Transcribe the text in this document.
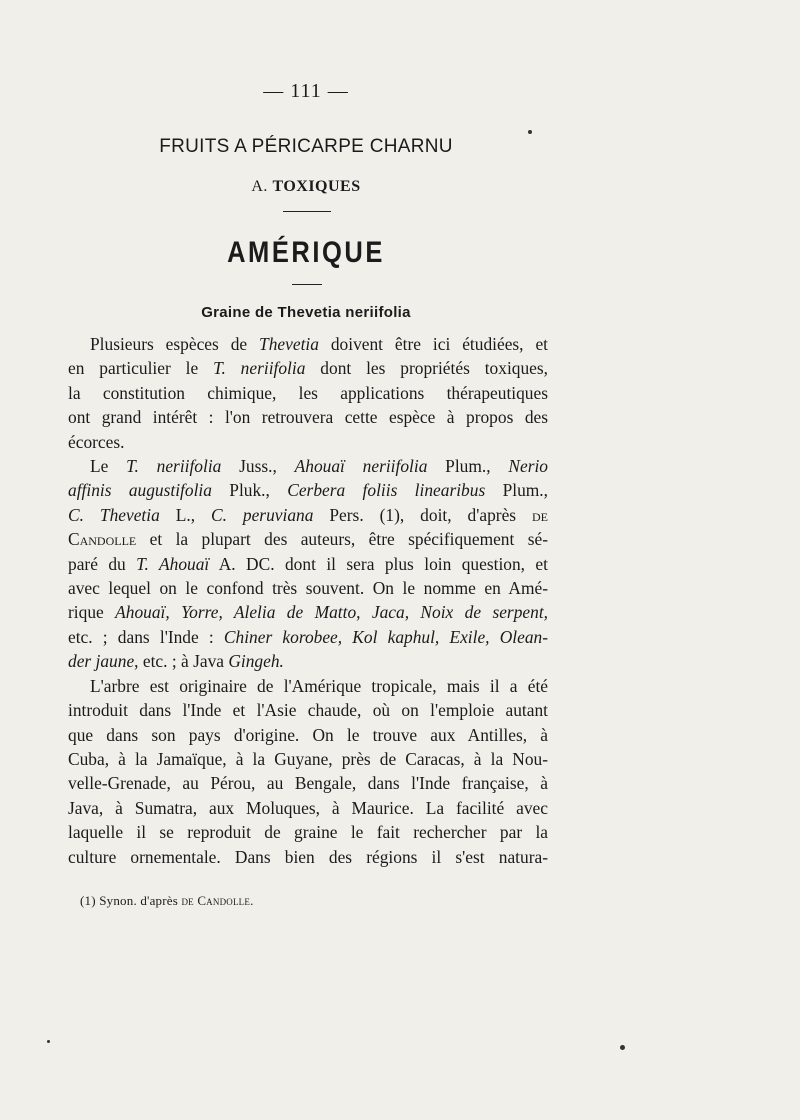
— 111 —
FRUITS A PÉRICARPE CHARNU
A. TOXIQUES
AMÉRIQUE
Graine de Thevetia neriifolia
Plusieurs espèces de Thevetia doivent être ici étudiées, et
en particulier le T. neriifolia dont les propriétés toxiques,
la constitution chimique, les applications thérapeutiques
ont grand intérêt : l'on retrouvera cette espèce à propos des
écorces.
Le T. neriifolia Juss., Ahouaï neriifolia Plum., Nerio
affinis augustifolia Pluk., Cerbera foliis linearibus Plum.,
C. Thevetia L., C. peruviana Pers. (1), doit, d'après de
Candolle et la plupart des auteurs, être spécifiquement sé-
paré du T. Ahouaï A. DC. dont il sera plus loin question, et
avec lequel on le confond très souvent. On le nomme en Amé-
rique Ahouaï, Yorre, Alelia de Matto, Jaca, Noix de serpent,
etc. ; dans l'Inde : Chiner korobee, Kol kaphul, Exile, Olean-
der jaune, etc. ; à Java Gingeh.
L'arbre est originaire de l'Amérique tropicale, mais il a été
introduit dans l'Inde et l'Asie chaude, où on l'emploie autant
que dans son pays d'origine. On le trouve aux Antilles, à
Cuba, à la Jamaïque, à la Guyane, près de Caracas, à la Nou-
velle-Grenade, au Pérou, au Bengale, dans l'Inde française, à
Java, à Sumatra, aux Moluques, à Maurice. La facilité avec
laquelle il se reproduit de graine le fait rechercher par la
culture ornementale. Dans bien des régions il s'est natura-
(1) Synon. d'après de Candolle.
